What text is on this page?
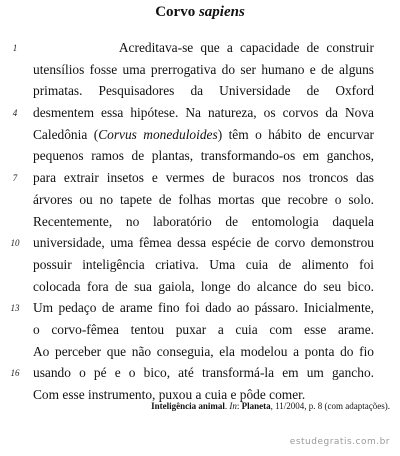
Corvo sapiens
1 Acreditava-se que a capacidade de construir
utensílios fosse uma prerrogativa do ser humano e de alguns
primatas. Pesquisadores da Universidade de Oxford
4 desmentem essa hipótese. Na natureza, os corvos da Nova
Caledônia (Corvus moneduloides) têm o hábito de encurvar
pequenos ramos de plantas, transformando-os em ganchos,
7 para extrair insetos e vermes de buracos nos troncos das
árvores ou no tapete de folhas mortas que recobre o solo.
Recentemente, no laboratório de entomologia daquela
10 universidade, uma fêmea dessa espécie de corvo demonstrou
possuir inteligência criativa. Uma cuia de alimento foi
colocada fora de sua gaiola, longe do alcance do seu bico.
13 Um pedaço de arame fino foi dado ao pássaro. Inicialmente,
o corvo-fêmea tentou puxar a cuia com esse arame.
Ao perceber que não conseguia, ela modelou a ponta do fio
16 usando o pé e o bico, até transformá-la em um gancho.
Com esse instrumento, puxou a cuia e pôde comer.
Inteligência animal. In: Planeta, 11/2004, p. 8 (com adaptações).
estudegratis.com.br
